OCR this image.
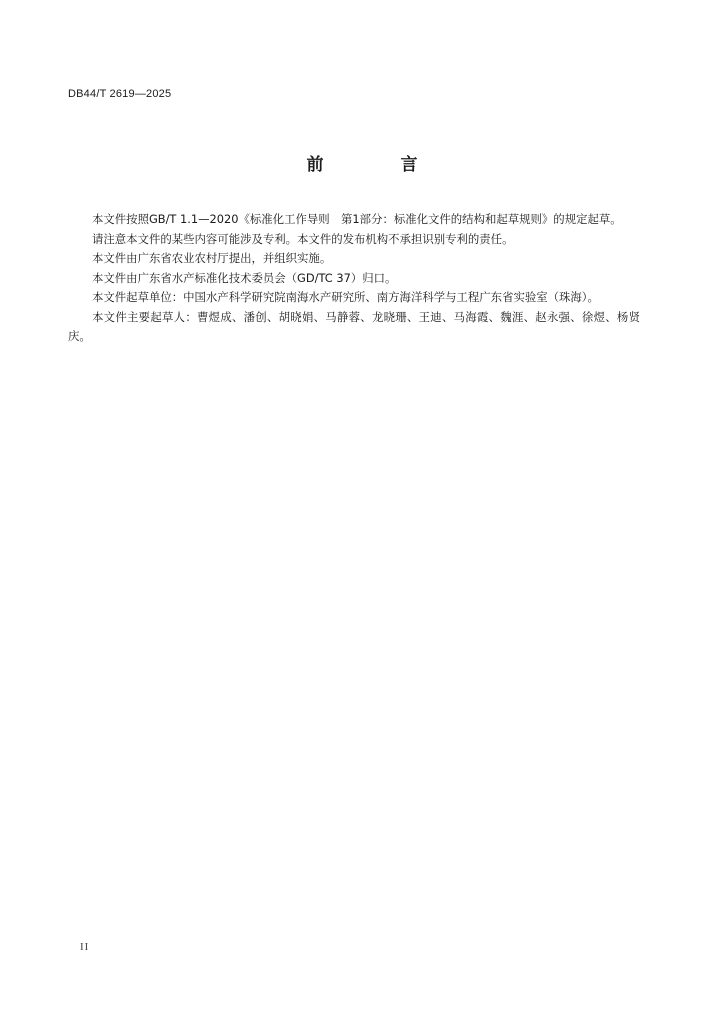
DB44/T 2619—2025
前　言

本文件按照GB/T 1.1—2020《标准化工作导则　第1部分：标准化文件的结构和起草规则》的规定起草。

请注意本文件的某些内容可能涉及专利。本文件的发布机构不承担识别专利的责任。

本文件由广东省农业农村厅提出，并组织实施。

本文件由广东省水产标准化技术委员会（GD/TC 37）归口。

本文件起草单位：中国水产科学研究院南海水产研究所、南方海洋科学与工程广东省实验室（珠海）。

本文件主要起草人：曹煜成、潘创、胡晓娟、马静蓉、龙晓珊、王迪、马海霞、魏涯、赵永强、徐煜、杨贤庆。

II
